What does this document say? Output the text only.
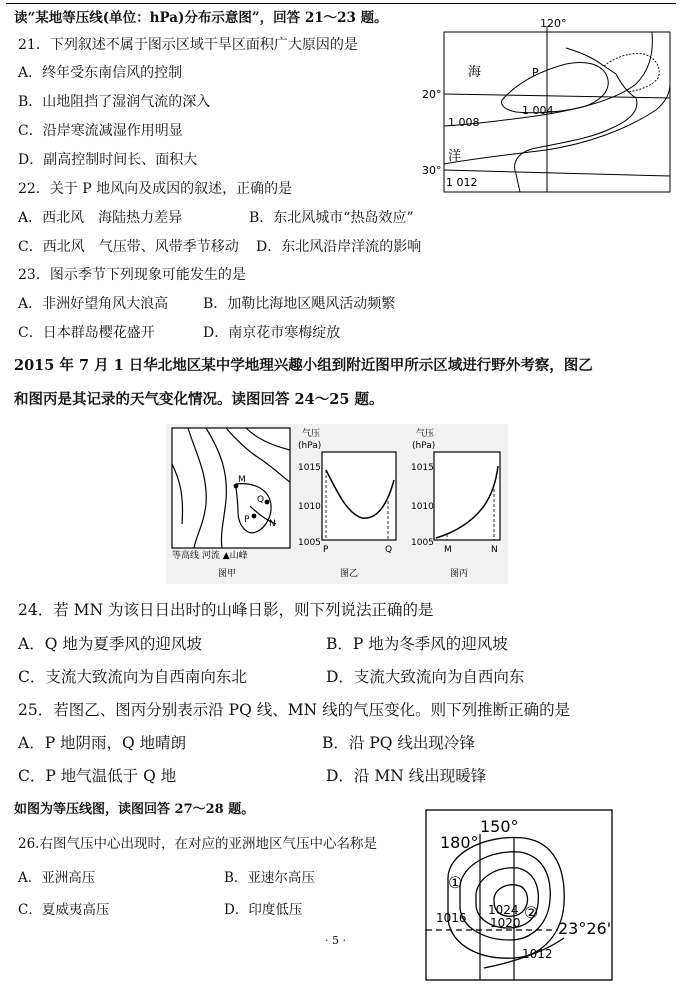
读“某地等压线(单位：hPa)分布示意图”，回答 21～23 题。
21．下列叙述不属于图示区域干旱区面积广大原因的是
A．终年受东南信风的控制
B．山地阻挡了湿润气流的深入
C．沿岸寒流减湿作用明显
D．副高控制时间长、面积大
22．关于 P 地风向及成因的叙述，正确的是
A．西北风　海陆热力差异	B．东北风城市“热岛效应”
C．西北风　气压带、风带季节移动 D．东北风沿岸洋流的影响
23．图示季节下列现象可能发生的是
A．非洲好望角风大浪高 B．加勒比海地区飓风活动频繁
C．日本群岛樱花盛开	D．南京花市寒梅绽放
120°
20°
30°
海
洋
P
1 004
1 008
1 012
2015 年 7 月 1 日华北地区某中学地理兴趣小组到附近图甲所示区域进行野外考察，图乙
和图丙是其记录的天气变化情况。读图回答 24～25 题。
M
Q
P N
等高线 河流 ▲山峰
图甲
气压
(hPa)
1015
1010
1005
P	Q
图乙
气压
(hPa)
1015
1010
1005
M	N
图丙
24．若 MN 为该日日出时的山峰日影，则下列说法正确的是
A．Q 地为夏季风的迎风坡	B．P 地为冬季风的迎风坡
C．支流大致流向为自西南向东北	D．支流大致流向为自西向东
25．若图乙、图丙分别表示沿 PQ 线、MN 线的气压变化。则下列推断正确的是
A．P 地阴雨，Q 地晴朗	B．沿 PQ 线出现冷锋
C．P 地气温低于 Q 地	D．沿 MN 线出现暖锋
如图为等压线图，读图回答 27～28 题。
26.右图气压中心出现时，在对应的亚洲地区气压中心名称是
A．亚洲高压	B．亚速尔高压
C．夏威夷高压	D．印度低压
180°
150°
①
②
1016
1024
1020
1012
23°26'
· 5 ·
